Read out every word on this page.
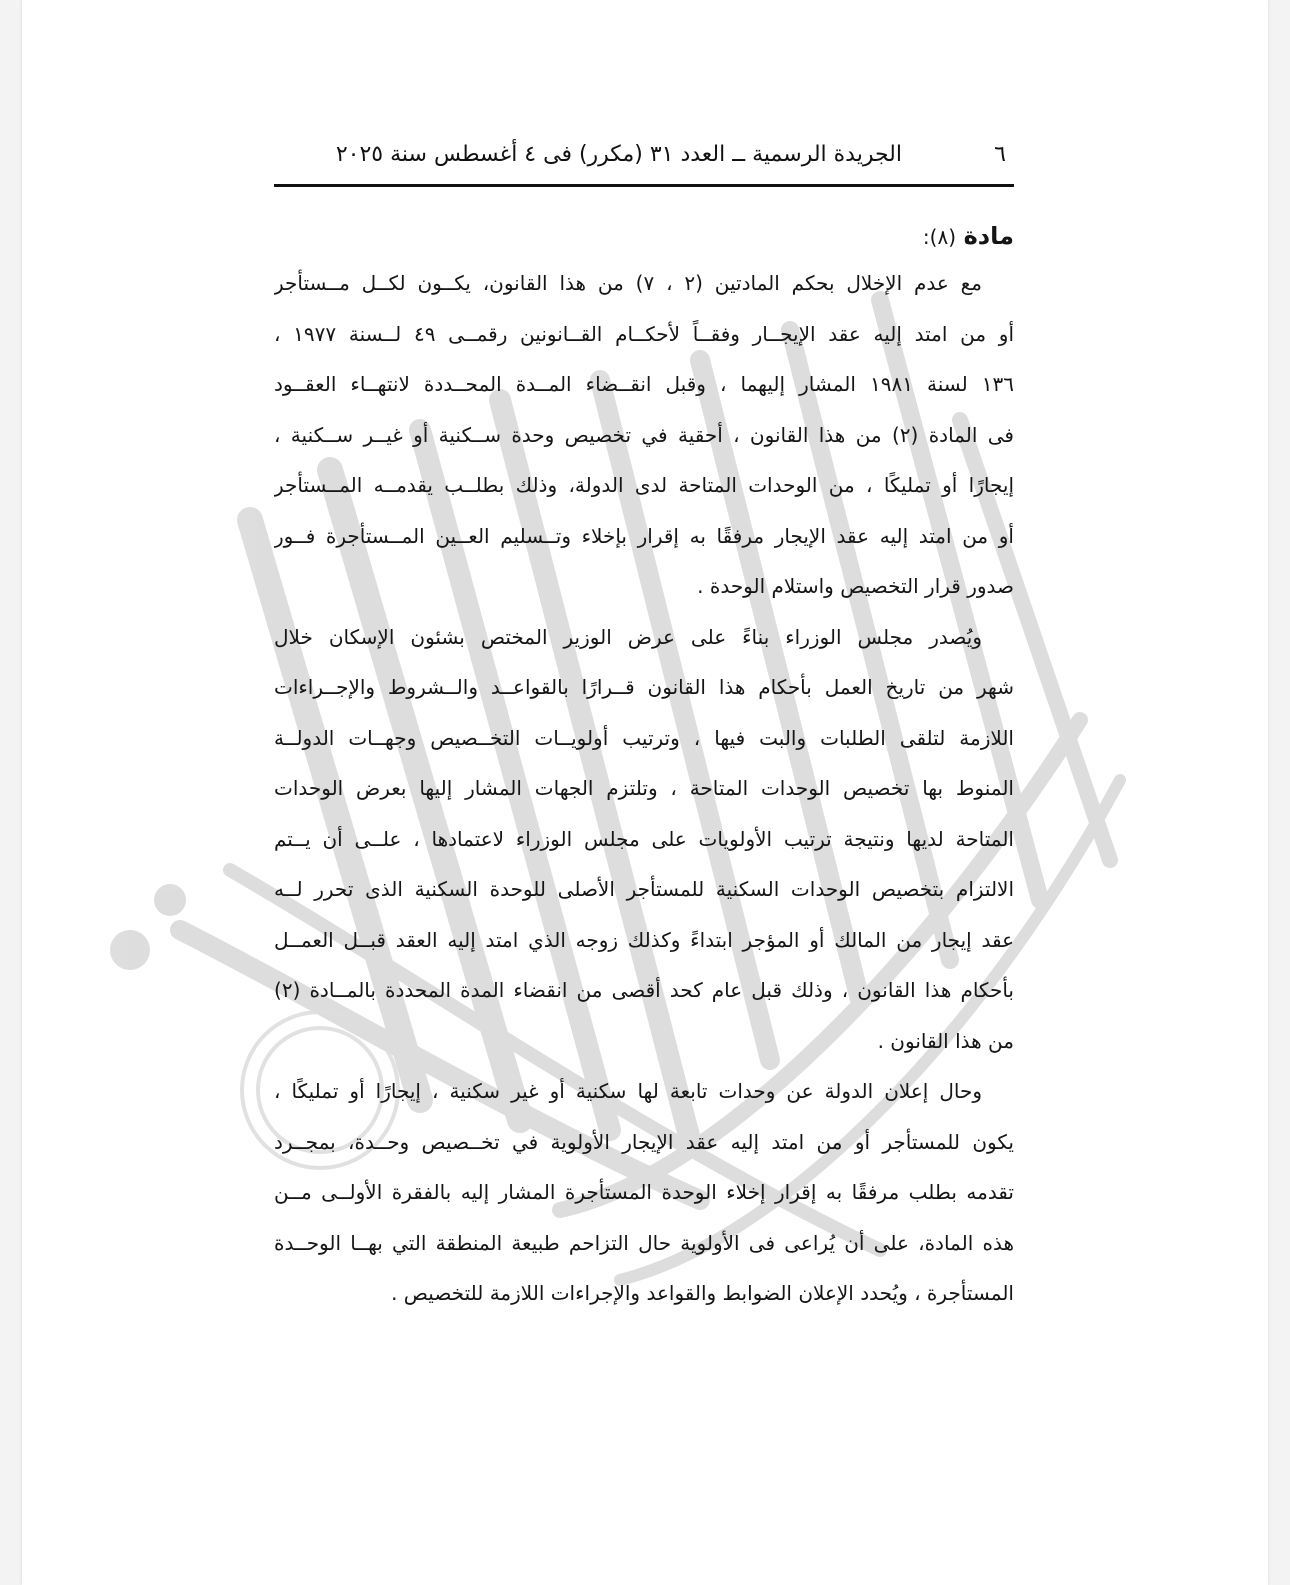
٦
الجريدة الرسمية ــ العدد ٣١ (مكرر) فى ٤ أغسطس سنة ٢٠٢٥
مادة (٨):
مع عدم الإخلال بحكم المادتين (٢ ، ٧) من هذا القانون، يكــون لكــل مــستأجر
أو من امتد إليه عقد الإيجــار وفقــاً لأحكــام القــانونين رقمــى ٤٩ لــسنة ١٩٧٧ ،
١٣٦ لسنة ١٩٨١ المشار إليهما ، وقبل انقــضاء المــدة المحــددة لانتهــاء العقــود
فى المادة (٢) من هذا القانون ، أحقية في تخصيص وحدة ســكنية أو غيــر ســكنية ،
إيجارًا أو تمليكًا ، من الوحدات المتاحة لدى الدولة، وذلك بطلــب يقدمــه المــستأجر
أو من امتد إليه عقد الإيجار مرفقًا به إقرار بإخلاء وتــسليم العــين المــستأجرة فــور
صدور قرار التخصيص واستلام الوحدة .
ويُصدر مجلس الوزراء بناءً على عرض الوزير المختص بشئون الإسكان خلال
شهر من تاريخ العمل بأحكام هذا القانون قــرارًا بالقواعــد والــشروط والإجــراءات
اللازمة لتلقى الطلبات والبت فيها ، وترتيب أولويــات التخــصيص وجهــات الدولــة
المنوط بها تخصيص الوحدات المتاحة ، وتلتزم الجهات المشار إليها بعرض الوحدات
المتاحة لديها ونتيجة ترتيب الأولويات على مجلس الوزراء لاعتمادها ، علــى أن يــتم
الالتزام بتخصيص الوحدات السكنية للمستأجر الأصلى للوحدة السكنية الذى تحرر لــه
عقد إيجار من المالك أو المؤجر ابتداءً وكذلك زوجه الذي امتد إليه العقد قبــل العمــل
بأحكام هذا القانون ، وذلك قبل عام كحد أقصى من انقضاء المدة المحددة بالمــادة (٢)
من هذا القانون .
وحال إعلان الدولة عن وحدات تابعة لها سكنية أو غير سكنية ، إيجارًا أو تمليكًا ،
يكون للمستأجر أو من امتد إليه عقد الإيجار الأولوية في تخــصيص وحــدة، بمجــرد
تقدمه بطلب مرفقًا به إقرار إخلاء الوحدة المستأجرة المشار إليه بالفقرة الأولــى مــن
هذه المادة، على أن يُراعى فى الأولوية حال التزاحم طبيعة المنطقة التي بهــا الوحــدة
المستأجرة ، ويُحدد الإعلان الضوابط والقواعد والإجراءات اللازمة للتخصيص .
